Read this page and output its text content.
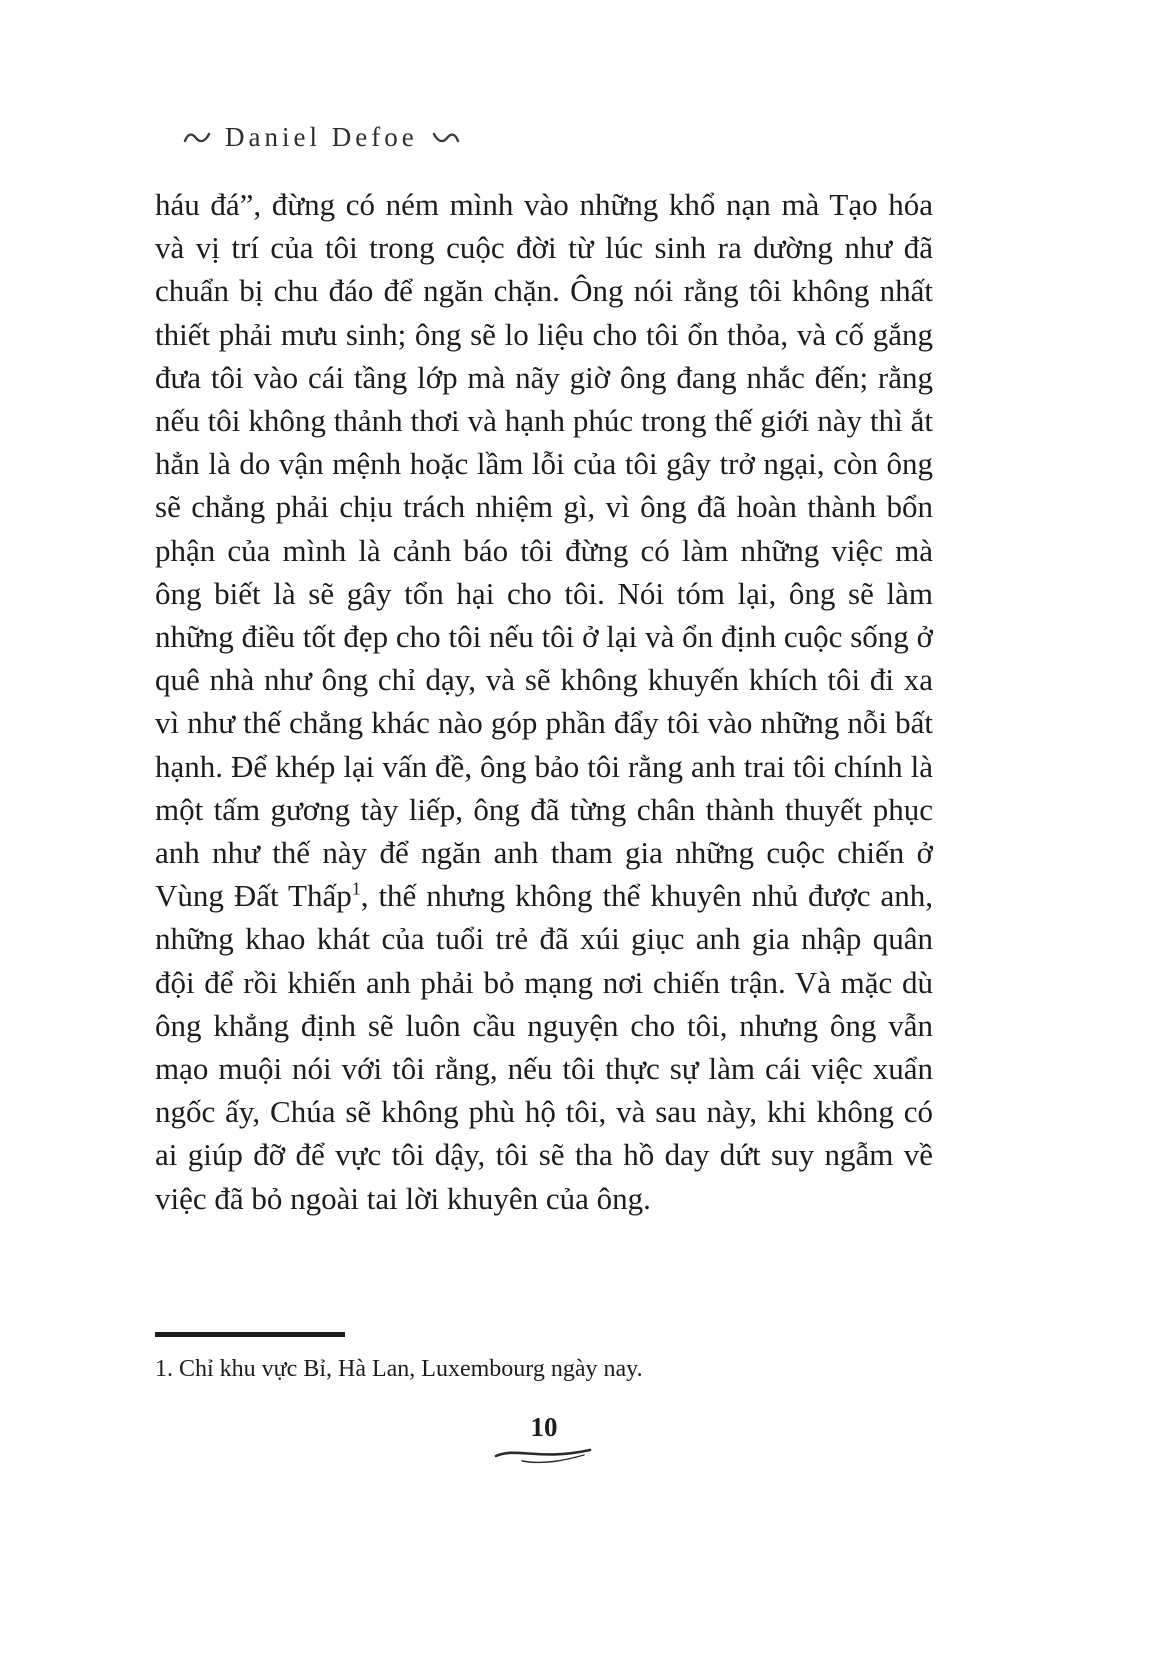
Daniel Defoe

háu đá”, đừng có ném mình vào những khổ nạn mà Tạo hóa và vị trí của tôi trong cuộc đời từ lúc sinh ra dường như đã chuẩn bị chu đáo để ngăn chặn. Ông nói rằng tôi không nhất thiết phải mưu sinh; ông sẽ lo liệu cho tôi ổn thỏa, và cố gắng đưa tôi vào cái tầng lớp mà nãy giờ ông đang nhắc đến; rằng nếu tôi không thảnh thơi và hạnh phúc trong thế giới này thì ắt hẳn là do vận mệnh hoặc lầm lỗi của tôi gây trở ngại, còn ông sẽ chẳng phải chịu trách nhiệm gì, vì ông đã hoàn thành bổn phận của mình là cảnh báo tôi đừng có làm những việc mà ông biết là sẽ gây tổn hại cho tôi. Nói tóm lại, ông sẽ làm những điều tốt đẹp cho tôi nếu tôi ở lại và ổn định cuộc sống ở quê nhà như ông chỉ dạy, và sẽ không khuyến khích tôi đi xa vì như thế chẳng khác nào góp phần đẩy tôi vào những nỗi bất hạnh. Để khép lại vấn đề, ông bảo tôi rằng anh trai tôi chính là một tấm gương tày liếp, ông đã từng chân thành thuyết phục anh như thế này để ngăn anh tham gia những cuộc chiến ở Vùng Đất Thấp$^1$, thế nhưng không thể khuyên nhủ được anh, những khao khát của tuổi trẻ đã xúi giục anh gia nhập quân đội để rồi khiến anh phải bỏ mạng nơi chiến trận. Và mặc dù ông khẳng định sẽ luôn cầu nguyện cho tôi, nhưng ông vẫn mạo muội nói với tôi rằng, nếu tôi thực sự làm cái việc xuẩn ngốc ấy, Chúa sẽ không phù hộ tôi, và sau này, khi không có ai giúp đỡ để vực tôi dậy, tôi sẽ tha hồ day dứt suy ngẫm về việc đã bỏ ngoài tai lời khuyên của ông.

1. Chỉ khu vực Bỉ, Hà Lan, Luxembourg ngày nay.
10
